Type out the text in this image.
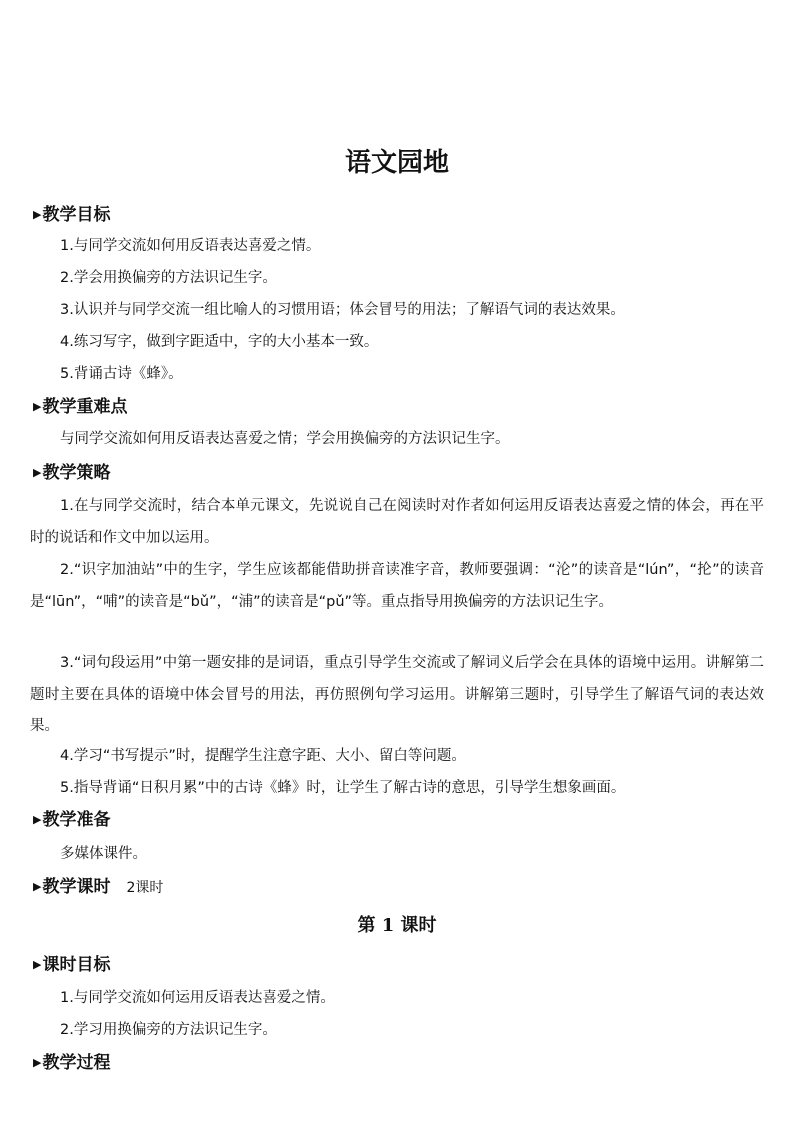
语文园地
▶教学目标
1.与同学交流如何用反语表达喜爱之情。
2.学会用换偏旁的方法识记生字。
3.认识并与同学交流一组比喻人的习惯用语；体会冒号的用法；了解语气词的表达效果。
4.练习写字，做到字距适中，字的大小基本一致。
5.背诵古诗《蜂》。
▶教学重难点
与同学交流如何用反语表达喜爱之情；学会用换偏旁的方法识记生字。
▶教学策略
1.在与同学交流时，结合本单元课文，先说说自己在阅读时对作者如何运用反语表达喜爱之情的体会，再在平时的说话和作文中加以运用。
2.“识字加油站”中的生字，学生应该都能借助拼音读准字音，教师要强调：“沦”的读音是“lún”，“抡”的读音是“lūn”，“哺”的读音是“bǔ”，“浦”的读音是“pǔ”等。重点指导用换偏旁的方法识记生字。
3.“词句段运用”中第一题安排的是词语，重点引导学生交流或了解词义后学会在具体的语境中运用。讲解第二题时主要在具体的语境中体会冒号的用法，再仿照例句学习运用。讲解第三题时，引导学生了解语气词的表达效果。
4.学习“书写提示”时，提醒学生注意字距、大小、留白等问题。
5.指导背诵“日积月累”中的古诗《蜂》时，让学生了解古诗的意思，引导学生想象画面。
▶教学准备
多媒体课件。
▶教学课时 2课时
第 1 课时
▶课时目标
1.与同学交流如何运用反语表达喜爱之情。
2.学习用换偏旁的方法识记生字。
▶教学过程
